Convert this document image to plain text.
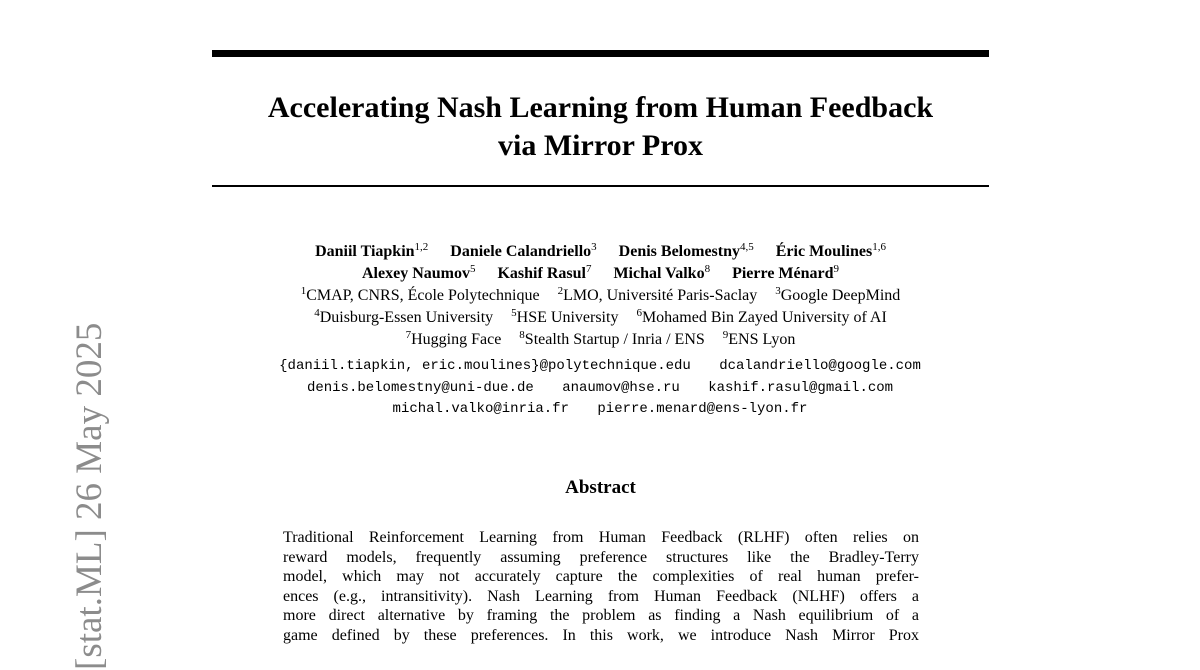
Accelerating Nash Learning from Human Feedback
via Mirror Prox
Daniil Tiapkin$^{1,2}$ Daniele Calandriello$^3$ Denis Belomestny$^{4,5}$ Éric Moulines$^{1,6}$
Alexey Naumov$^5$ Kashif Rasul$^7$ Michal Valko$^8$ Pierre Ménard$^9$
$^1$CMAP, CNRS, École Polytechnique $^2$LMO, Université Paris-Saclay $^3$Google DeepMind
$^4$Duisburg-Essen University $^5$HSE University $^6$Mohamed Bin Zayed University of AI
$^7$Hugging Face $^8$Stealth Startup / Inria / ENS $^9$ENS Lyon
{daniil.tiapkin, eric.moulines}@polytechnique.edu dcalandriello@google.com
denis.belomestny@uni-due.de anaumov@hse.ru kashif.rasul@gmail.com
michal.valko@inria.fr pierre.menard@ens-lyon.fr
Abstract
Traditional Reinforcement Learning from Human Feedback (RLHF) often relies on
reward models, frequently assuming preference structures like the Bradley-Terry
model, which may not accurately capture the complexities of real human prefer-
ences (e.g., intransitivity). Nash Learning from Human Feedback (NLHF) offers a
more direct alternative by framing the problem as finding a Nash equilibrium of a
game defined by these preferences. In this work, we introduce Nash Mirror Prox
[stat.ML] 26 May 2025
